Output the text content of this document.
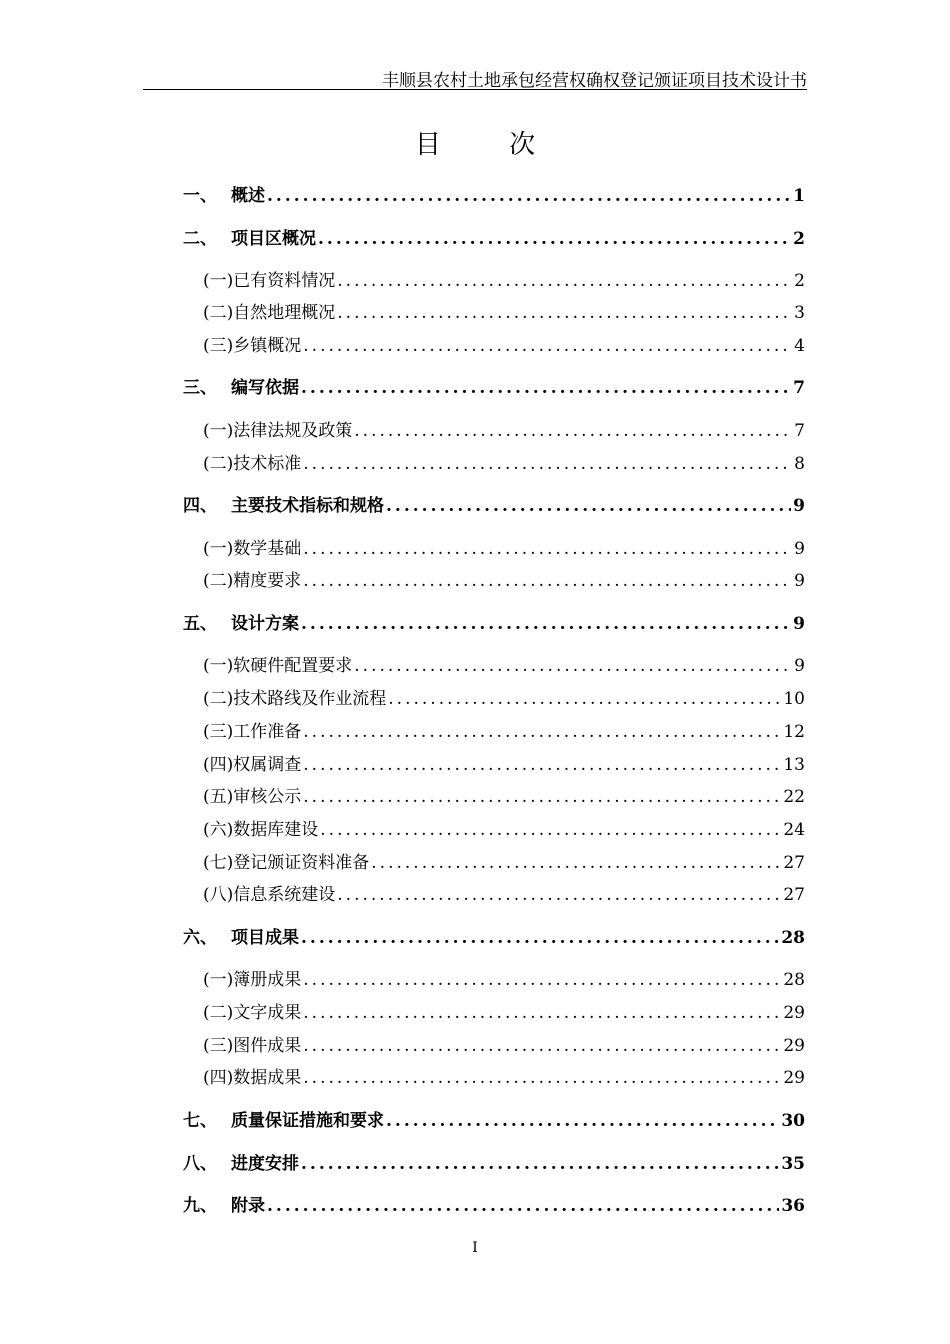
丰顺县农村土地承包经营权确权登记颁证项目技术设计书
目 次
一、 概述 .....	1
二、 项目区概况 .....	2
(一)已有资料情况 .....	2
(二)自然地理概况 .....	3
(三)乡镇概况 .....	4
三、 编写依据 .....	7
(一)法律法规及政策 .....	7
(二)技术标准 .....	8
四、 主要技术指标和规格 .....	9
(一)数学基础 .....	9
(二)精度要求 .....	9
五、 设计方案 .....	9
(一)软硬件配置要求 .....	9
(二)技术路线及作业流程 .....	10
(三)工作准备 .....	12
(四)权属调查 .....	13
(五)审核公示 .....	22
(六)数据库建设 .....	24
(七)登记颁证资料准备 .....	27
(八)信息系统建设 .....	27
六、 项目成果 .....	28
(一)簿册成果 .....	28
(二)文字成果 .....	29
(三)图件成果 .....	29
(四)数据成果 .....	29
七、 质量保证措施和要求 .....	30
八、 进度安排 .....	35
九、 附录 .....	36
I
